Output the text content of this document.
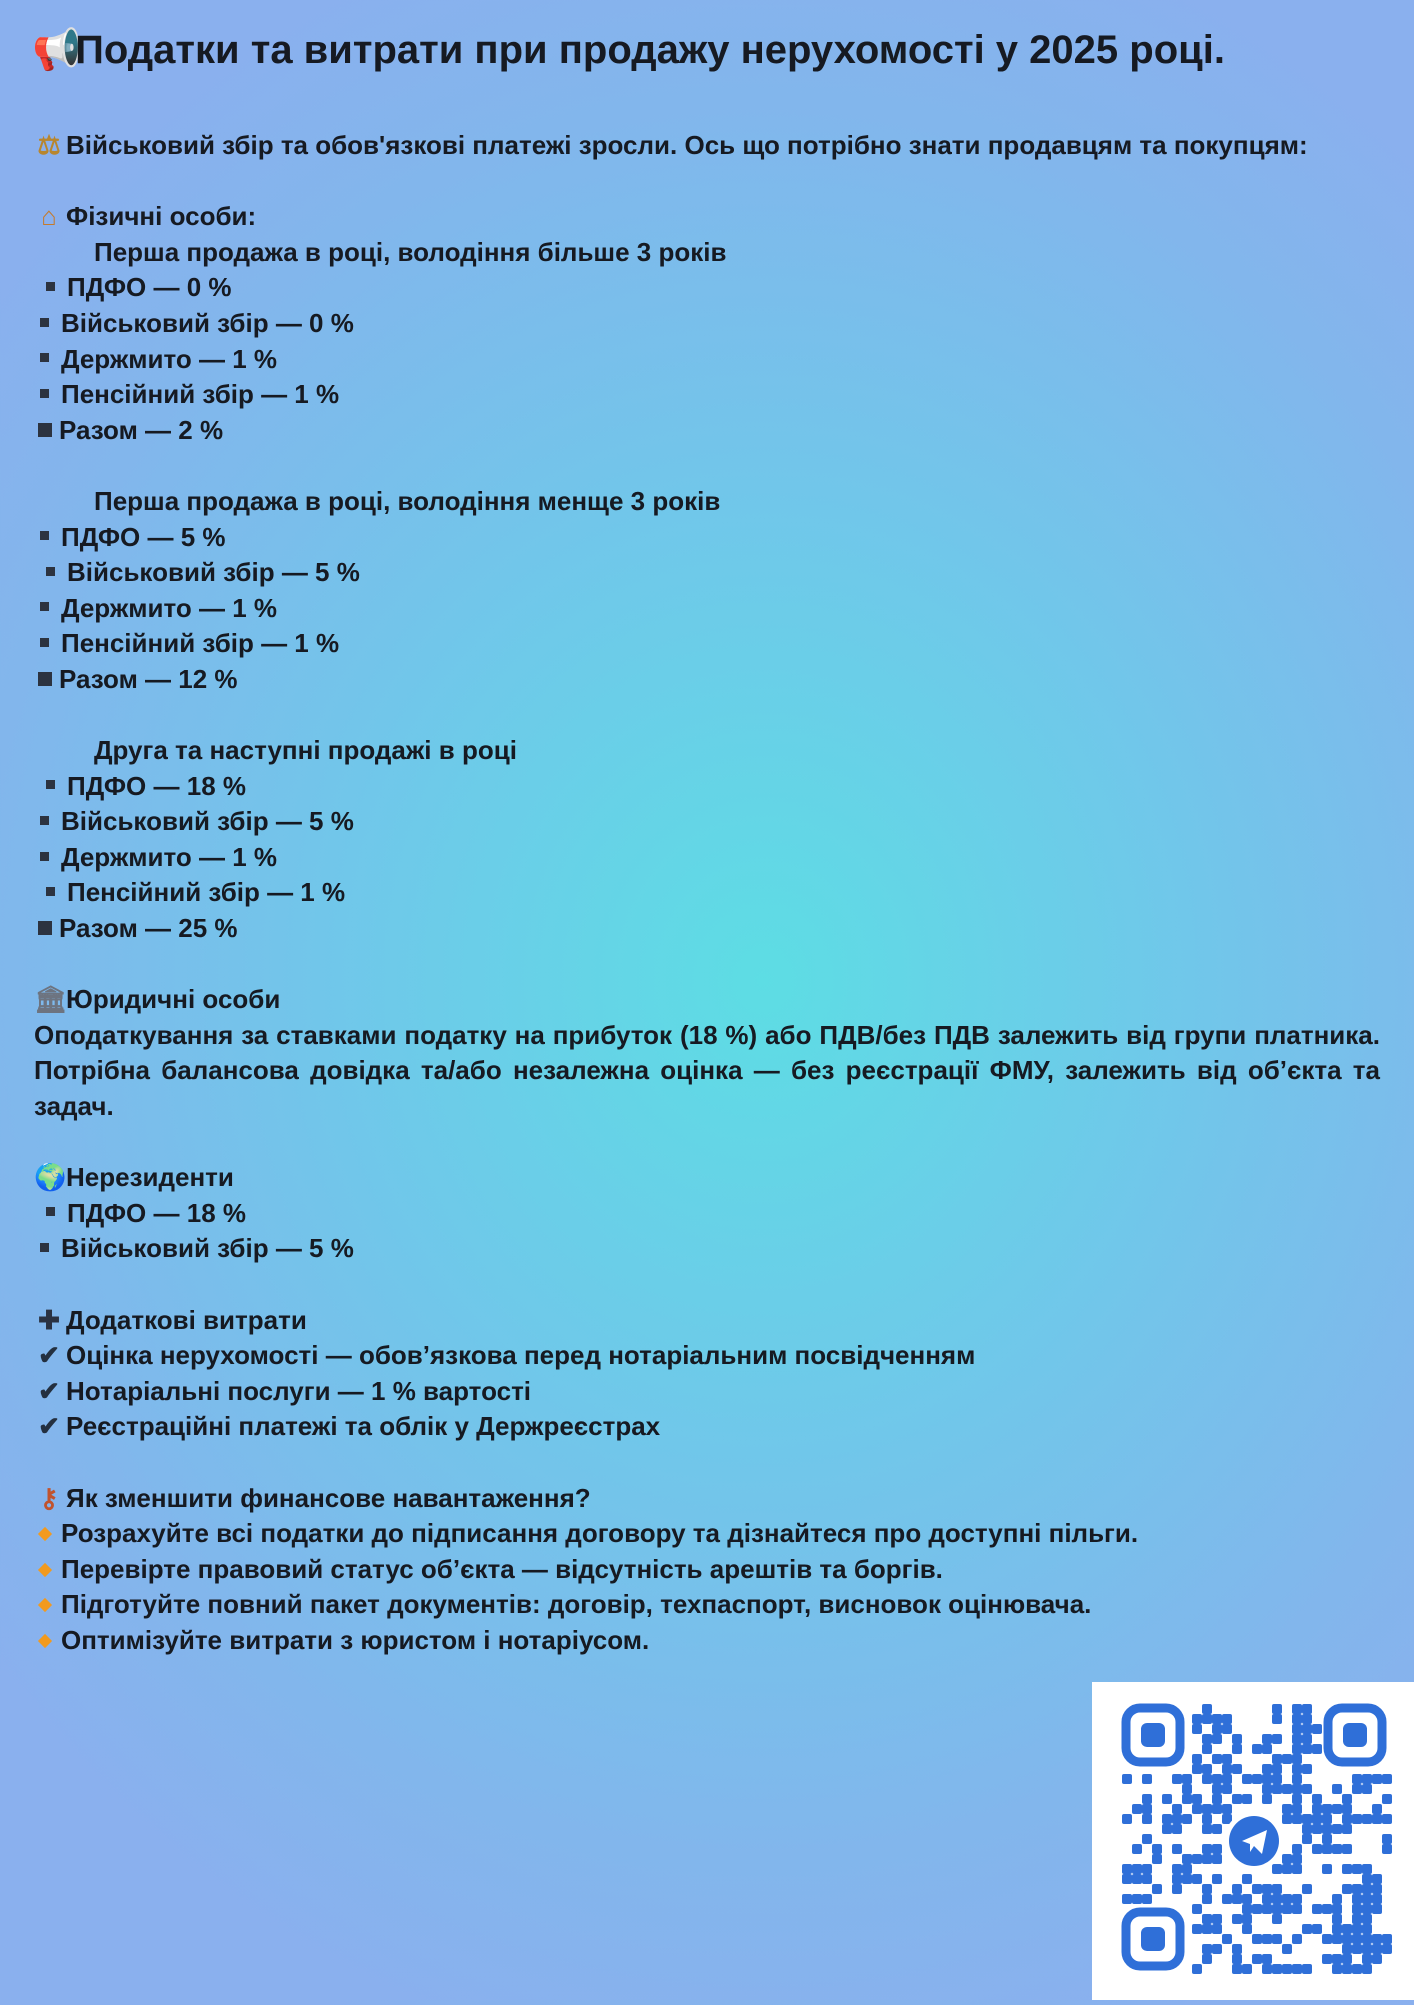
📢 Податки та витрати при продажу нерухомості у 2025 році.
⚖ Військовий збір та обов'язкові платежі зросли. Ось що потрібно знати продавцям та покупцям:
⌂ Фізичні особи:
Перша продажа в році, володіння більше 3 років
ПДФО — 0 %
Військовий збір — 0 %
Держмито — 1 %
Пенсійний збір — 1 %
Разом — 2 %
Перша продажа в році, володіння менще 3 років
ПДФО — 5 %
Військовий збір — 5 %
Держмито — 1 %
Пенсійний збір — 1 %
Разом — 12 %
Друга та наступні продажі в році
ПДФО — 18 %
Військовий збір — 5 %
Держмито — 1 %
Пенсійний збір — 1 %
Разом — 25 %
🏛Юридичні особи
Оподаткування за ставками податку на прибуток (18 %) або ПДВ/без ПДВ залежить від групи платника. Потрібна балансова довідка та/або незалежна оцінка — без реєстрації ФМУ, залежить від об’єкта та задач.
🌍Нерезиденти
ПДФО — 18 %
Військовий збір — 5 %
✚ Додаткові витрати
✔ Оцінка нерухомості — обов’язкова перед нотаріальним посвідченням
✔ Нотаріальні послуги — 1 % вартості
✔ Реєстраційні платежі та облік у Держреєстрах
⚷ Як зменшити финансове навантаження?
Розрахуйте всі податки до підписання договору та дізнайтеся про доступні пільги.
Перевірте правовий статус об’єкта — відсутність арештів та боргів.
Підготуйте повний пакет документів: договір, техпаспорт, висновок оцінювача.
Оптимізуйте витрати з юристом і нотаріусом.
